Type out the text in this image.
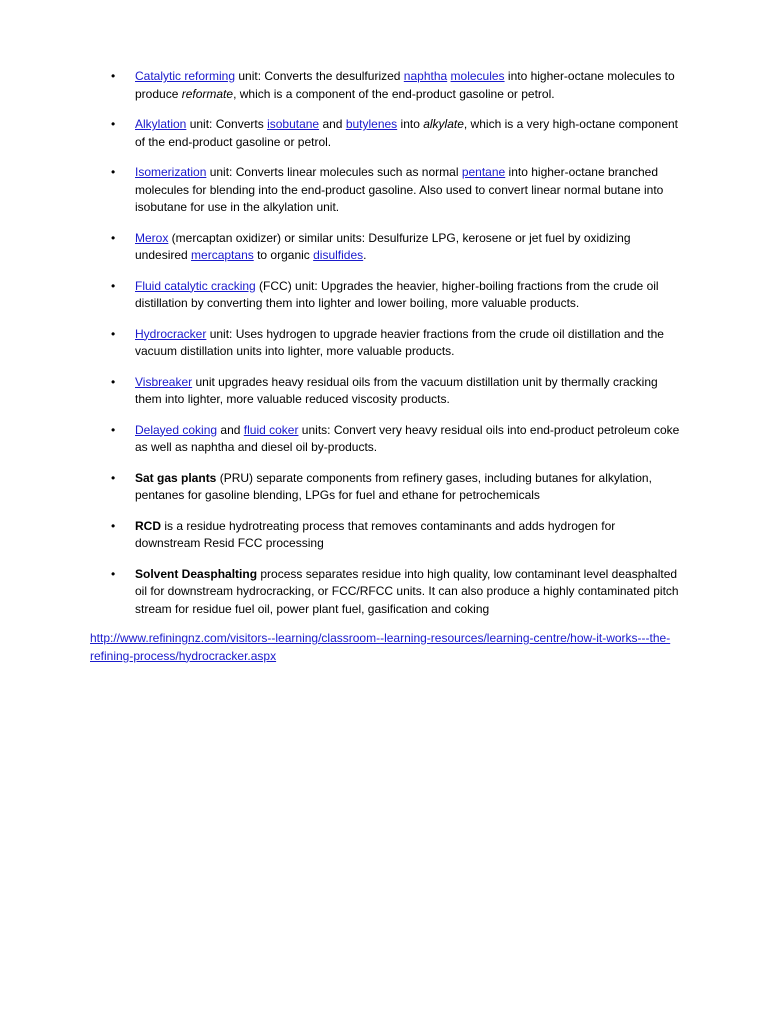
• Catalytic reforming unit: Converts the desulfurized naphtha molecules into higher-octane molecules to produce reformate, which is a component of the end-product gasoline or petrol.
• Alkylation unit: Converts isobutane and butylenes into alkylate, which is a very high-octane component of the end-product gasoline or petrol.
• Isomerization unit: Converts linear molecules such as normal pentane into higher-octane branched molecules for blending into the end-product gasoline. Also used to convert linear normal butane into isobutane for use in the alkylation unit.
• Merox (mercaptan oxidizer) or similar units: Desulfurize LPG, kerosene or jet fuel by oxidizing undesired mercaptans to organic disulfides.
• Fluid catalytic cracking (FCC) unit: Upgrades the heavier, higher-boiling fractions from the crude oil distillation by converting them into lighter and lower boiling, more valuable products.
• Hydrocracker unit: Uses hydrogen to upgrade heavier fractions from the crude oil distillation and the vacuum distillation units into lighter, more valuable products.
• Visbreaker unit upgrades heavy residual oils from the vacuum distillation unit by thermally cracking them into lighter, more valuable reduced viscosity products.
• Delayed coking and fluid coker units: Convert very heavy residual oils into end-product petroleum coke as well as naphtha and diesel oil by-products.
• Sat gas plants (PRU) separate components from refinery gases, including butanes for alkylation, pentanes for gasoline blending, LPGs for fuel and ethane for petrochemicals
• RCD is a residue hydrotreating process that removes contaminants and adds hydrogen for downstream Resid FCC processing
• Solvent Deasphalting process separates residue into high quality, low contaminant level deasphalted oil for downstream hydrocracking, or FCC/RFCC units. It can also produce a highly contaminated pitch stream for residue fuel oil, power plant fuel, gasification and coking
http://www.refiningnz.com/visitors--learning/classroom--learning-resources/learning-centre/how-it-works---the-refining-process/hydrocracker.aspx
